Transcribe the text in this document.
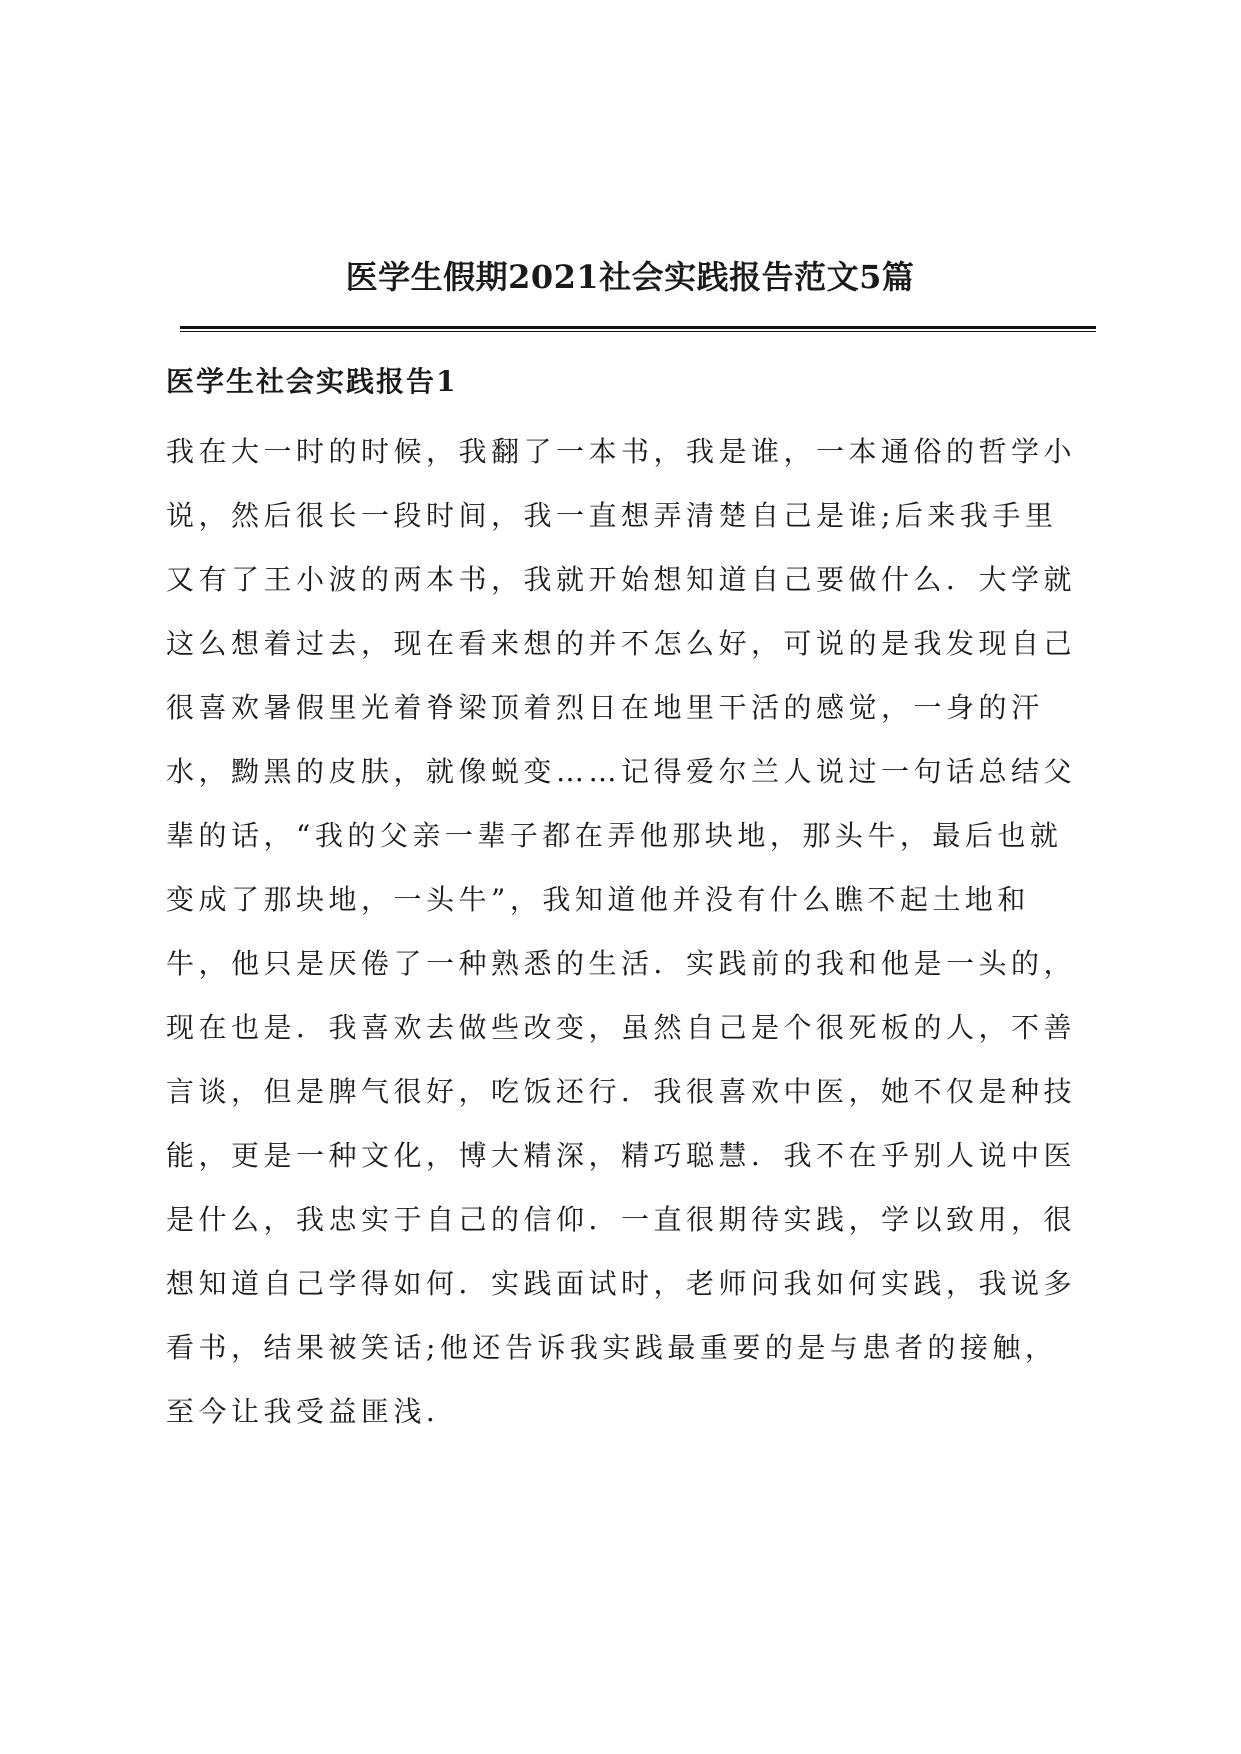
医学生假期2021社会实践报告范文5篇
医学生社会实践报告1
我在大一时的时候，我翻了一本书，我是谁，一本通俗的哲学小
说，然后很长一段时间，我一直想弄清楚自己是谁;后来我手里
又有了王小波的两本书，我就开始想知道自己要做什么．大学就
这么想着过去，现在看来想的并不怎么好，可说的是我发现自己
很喜欢暑假里光着脊梁顶着烈日在地里干活的感觉，一身的汗
水，黝黑的皮肤，就像蜕变……记得爱尔兰人说过一句话总结父
辈的话，“我的父亲一辈子都在弄他那块地，那头牛，最后也就
变成了那块地，一头牛”，我知道他并没有什么瞧不起土地和
牛，他只是厌倦了一种熟悉的生活．实践前的我和他是一头的，
现在也是．我喜欢去做些改变，虽然自己是个很死板的人，不善
言谈，但是脾气很好，吃饭还行．我很喜欢中医，她不仅是种技
能，更是一种文化，博大精深，精巧聪慧．我不在乎别人说中医
是什么，我忠实于自己的信仰．一直很期待实践，学以致用，很
想知道自己学得如何．实践面试时，老师问我如何实践，我说多
看书，结果被笑话;他还告诉我实践最重要的是与患者的接触，
至今让我受益匪浅．
